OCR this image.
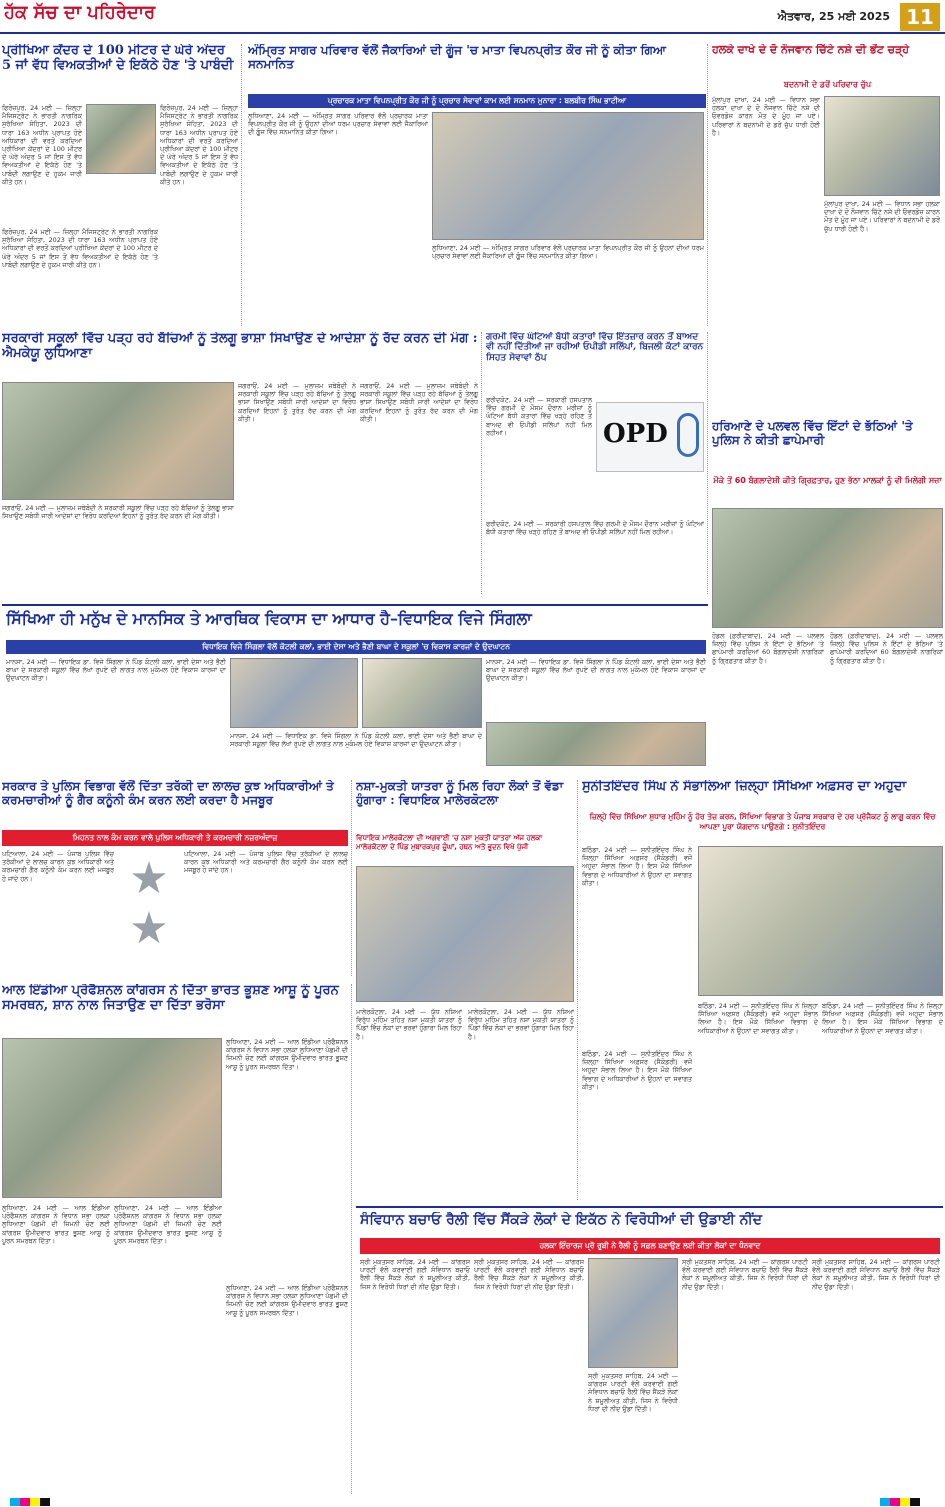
ਹੱਕ ਸੱਚ ਦਾ ਪਹਿਰੇਦਾਰ	ਐਤਵਾਰ, 25 ਮਈ 2025 11
ਪ੍ਰੀਖਿਆ ਕੇਂਦਰ ਦੇ 100 ਮੀਟਰ ਦੇ ਘੇਰੇ ਅੰਦਰ 5 ਜਾਂ ਵੱਧ ਵਿਅਕਤੀਆਂ ਦੇ ਇਕੱਠੇ ਹੋਣ 'ਤੇ ਪਾਬੰਦੀ
ਫਿਰੋਜ਼ਪੁਰ, 24 ਮਈ — ਜ਼ਿਲ੍ਹਾ ਮੈਜਿਸਟ੍ਰੇਟ ਨੇ ਭਾਰਤੀ ਨਾਗਰਿਕ ਸੁਰੱਖਿਆ ਸੰਹਿਤਾ, 2023 ਦੀ ਧਾਰਾ 163 ਅਧੀਨ ਪ੍ਰਾਪਤ ਹੋਏ ਅਧਿਕਾਰਾਂ ਦੀ ਵਰਤੋਂ ਕਰਦਿਆਂ ਪ੍ਰੀਖਿਆ ਕੇਂਦਰਾਂ ਦੇ 100 ਮੀਟਰ ਦੇ ਘੇਰੇ ਅੰਦਰ 5 ਜਾਂ ਇਸ ਤੋਂ ਵੱਧ ਵਿਅਕਤੀਆਂ ਦੇ ਇਕੱਠੇ ਹੋਣ 'ਤੇ ਪਾਬੰਦੀ ਲਗਾਉਣ ਦੇ ਹੁਕਮ ਜਾਰੀ ਕੀਤੇ ਹਨ।
ਫਿਰੋਜ਼ਪੁਰ, 24 ਮਈ — ਜ਼ਿਲ੍ਹਾ ਮੈਜਿਸਟ੍ਰੇਟ ਨੇ ਭਾਰਤੀ ਨਾਗਰਿਕ ਸੁਰੱਖਿਆ ਸੰਹਿਤਾ, 2023 ਦੀ ਧਾਰਾ 163 ਅਧੀਨ ਪ੍ਰਾਪਤ ਹੋਏ ਅਧਿਕਾਰਾਂ ਦੀ ਵਰਤੋਂ ਕਰਦਿਆਂ ਪ੍ਰੀਖਿਆ ਕੇਂਦਰਾਂ ਦੇ 100 ਮੀਟਰ ਦੇ ਘੇਰੇ ਅੰਦਰ 5 ਜਾਂ ਇਸ ਤੋਂ ਵੱਧ ਵਿਅਕਤੀਆਂ ਦੇ ਇਕੱਠੇ ਹੋਣ 'ਤੇ ਪਾਬੰਦੀ ਲਗਾਉਣ ਦੇ ਹੁਕਮ ਜਾਰੀ ਕੀਤੇ ਹਨ।
ਫਿਰੋਜ਼ਪੁਰ, 24 ਮਈ — ਜ਼ਿਲ੍ਹਾ ਮੈਜਿਸਟ੍ਰੇਟ ਨੇ ਭਾਰਤੀ ਨਾਗਰਿਕ ਸੁਰੱਖਿਆ ਸੰਹਿਤਾ, 2023 ਦੀ ਧਾਰਾ 163 ਅਧੀਨ ਪ੍ਰਾਪਤ ਹੋਏ ਅਧਿਕਾਰਾਂ ਦੀ ਵਰਤੋਂ ਕਰਦਿਆਂ ਪ੍ਰੀਖਿਆ ਕੇਂਦਰਾਂ ਦੇ 100 ਮੀਟਰ ਦੇ ਘੇਰੇ ਅੰਦਰ 5 ਜਾਂ ਇਸ ਤੋਂ ਵੱਧ ਵਿਅਕਤੀਆਂ ਦੇ ਇਕੱਠੇ ਹੋਣ 'ਤੇ ਪਾਬੰਦੀ ਲਗਾਉਣ ਦੇ ਹੁਕਮ ਜਾਰੀ ਕੀਤੇ ਹਨ।
ਅੰਮ੍ਰਿਤ ਸਾਗਰ ਪਰਿਵਾਰ ਵੱਲੋਂ ਜੈਕਾਰਿਆਂ ਦੀ ਗੂੰਜ 'ਚ ਮਾਤਾ ਵਿਪਨਪ੍ਰੀਤ ਕੌਰ ਜੀ ਨੂੰ ਕੀਤਾ ਗਿਆ ਸਨਮਾਨਿਤ
ਪ੍ਰਚਾਰਕ ਮਾਤਾ ਵਿਪਨਪ੍ਰੀਤ ਕੌਰ ਜੀ ਨੂੰ ਪ੍ਰਚਾਰ ਸੇਵਾਵਾਂ ਕਾਮ ਲਈ ਸਨਮਾਨ ਮੁਨਾਰਾ : ਬਲਬੀਰ ਸਿੰਘ ਭਾਟੀਆ
ਲੁਧਿਆਣਾ, 24 ਮਈ — ਅੰਮ੍ਰਿਤ ਸਾਗਰ ਪਰਿਵਾਰ ਵੱਲੋਂ ਪ੍ਰਚਾਰਕ ਮਾਤਾ ਵਿਪਨਪ੍ਰੀਤ ਕੌਰ ਜੀ ਨੂੰ ਉਹਨਾਂ ਦੀਆਂ ਧਰਮ ਪ੍ਰਚਾਰ ਸੇਵਾਵਾਂ ਲਈ ਜੈਕਾਰਿਆਂ ਦੀ ਗੂੰਜ ਵਿੱਚ ਸਨਮਾਨਿਤ ਕੀਤਾ ਗਿਆ।
ਲੁਧਿਆਣਾ, 24 ਮਈ — ਅੰਮ੍ਰਿਤ ਸਾਗਰ ਪਰਿਵਾਰ ਵੱਲੋਂ ਪ੍ਰਚਾਰਕ ਮਾਤਾ ਵਿਪਨਪ੍ਰੀਤ ਕੌਰ ਜੀ ਨੂੰ ਉਹਨਾਂ ਦੀਆਂ ਧਰਮ ਪ੍ਰਚਾਰ ਸੇਵਾਵਾਂ ਲਈ ਜੈਕਾਰਿਆਂ ਦੀ ਗੂੰਜ ਵਿੱਚ ਸਨਮਾਨਿਤ ਕੀਤਾ ਗਿਆ।
ਹਲਕੇ ਦਾਖੇ ਦੇ ਦੋ ਨੌਜਵਾਨ ਚਿੱਟੇ ਨਸ਼ੇ ਦੀ ਭੇਂਟ ਚੜ੍ਹੇ
ਬਦਨਾਮੀ ਦੇ ਡਰੋਂ ਪਰਿਵਾਰ ਚੁੱਪ
ਮੁੱਲਾਂਪੁਰ ਦਾਖਾ, 24 ਮਈ — ਵਿਧਾਨ ਸਭਾ ਹਲਕਾ ਦਾਖਾ ਦੇ ਦੋ ਨੌਜਵਾਨ ਚਿੱਟੇ ਨਸ਼ੇ ਦੀ ਓਵਰਡੋਜ਼ ਕਾਰਨ ਮੌਤ ਦੇ ਮੂੰਹ ਜਾ ਪਏ। ਪਰਿਵਾਰਾਂ ਨੇ ਬਦਨਾਮੀ ਦੇ ਡਰੋਂ ਚੁੱਪ ਧਾਰੀ ਹੋਈ ਹੈ।
ਮੁੱਲਾਂਪੁਰ ਦਾਖਾ, 24 ਮਈ — ਵਿਧਾਨ ਸਭਾ ਹਲਕਾ ਦਾਖਾ ਦੇ ਦੋ ਨੌਜਵਾਨ ਚਿੱਟੇ ਨਸ਼ੇ ਦੀ ਓਵਰਡੋਜ਼ ਕਾਰਨ ਮੌਤ ਦੇ ਮੂੰਹ ਜਾ ਪਏ। ਪਰਿਵਾਰਾਂ ਨੇ ਬਦਨਾਮੀ ਦੇ ਡਰੋਂ ਚੁੱਪ ਧਾਰੀ ਹੋਈ ਹੈ।
ਸਰਕਾਰੀ ਸਕੂਲਾਂ ਵਿੱਚ ਪੜ੍ਹ ਰਹੇ ਬੱਚਿਆਂ ਨੂੰ ਤੇਲਗੂ ਭਾਸ਼ਾ ਸਿਖਾਉਣ ਦੇ ਆਦੇਸ਼ਾ ਨੂੰ ਰੱਦ ਕਰਨ ਦੀ ਮੰਗ : ਐਮਕੇਯੂ ਲੁਧਿਆਣਾ
ਜਗਰਾਓਂ, 24 ਮਈ — ਮੁਲਾਜ਼ਮ ਜਥੇਬੰਦੀ ਨੇ ਸਰਕਾਰੀ ਸਕੂਲਾਂ ਵਿੱਚ ਪੜ੍ਹ ਰਹੇ ਬੱਚਿਆਂ ਨੂੰ ਤੇਲਗੂ ਭਾਸ਼ਾ ਸਿਖਾਉਣ ਸਬੰਧੀ ਜਾਰੀ ਆਦੇਸ਼ਾਂ ਦਾ ਵਿਰੋਧ ਕਰਦਿਆਂ ਇਹਨਾਂ ਨੂੰ ਤੁਰੰਤ ਰੱਦ ਕਰਨ ਦੀ ਮੰਗ ਕੀਤੀ।
ਜਗਰਾਓਂ, 24 ਮਈ — ਮੁਲਾਜ਼ਮ ਜਥੇਬੰਦੀ ਨੇ ਸਰਕਾਰੀ ਸਕੂਲਾਂ ਵਿੱਚ ਪੜ੍ਹ ਰਹੇ ਬੱਚਿਆਂ ਨੂੰ ਤੇਲਗੂ ਭਾਸ਼ਾ ਸਿਖਾਉਣ ਸਬੰਧੀ ਜਾਰੀ ਆਦੇਸ਼ਾਂ ਦਾ ਵਿਰੋਧ ਕਰਦਿਆਂ ਇਹਨਾਂ ਨੂੰ ਤੁਰੰਤ ਰੱਦ ਕਰਨ ਦੀ ਮੰਗ ਕੀਤੀ।
ਜਗਰਾਓਂ, 24 ਮਈ — ਮੁਲਾਜ਼ਮ ਜਥੇਬੰਦੀ ਨੇ ਸਰਕਾਰੀ ਸਕੂਲਾਂ ਵਿੱਚ ਪੜ੍ਹ ਰਹੇ ਬੱਚਿਆਂ ਨੂੰ ਤੇਲਗੂ ਭਾਸ਼ਾ ਸਿਖਾਉਣ ਸਬੰਧੀ ਜਾਰੀ ਆਦੇਸ਼ਾਂ ਦਾ ਵਿਰੋਧ ਕਰਦਿਆਂ ਇਹਨਾਂ ਨੂੰ ਤੁਰੰਤ ਰੱਦ ਕਰਨ ਦੀ ਮੰਗ ਕੀਤੀ।
ਗਰਮੀ ਵਿੱਚ ਘੰਟਿਆਂ ਬੱਧੀ ਕਤਾਰਾਂ ਵਿੱਚ ਇੰਤਜ਼ਾਰ ਕਰਨ ਤੋਂ ਬਾਅਦ ਵੀ ਨਹੀਂ ਦਿੱਤੀਆਂ ਜਾ ਰਹੀਆਂ ਓਪੀਡੀ ਸਲਿੱਪਾਂ, ਬਿਜਲੀ ਕੱਟਾਂ ਕਾਰਨ ਸਿਹਤ ਸੇਵਾਵਾਂ ਠੱਪ
ਫਰੀਦਕੋਟ, 24 ਮਈ — ਸਰਕਾਰੀ ਹਸਪਤਾਲ ਵਿੱਚ ਗਰਮੀ ਦੇ ਮੌਸਮ ਦੌਰਾਨ ਮਰੀਜ਼ਾਂ ਨੂੰ ਘੰਟਿਆਂ ਬੱਧੀ ਕਤਾਰਾਂ ਵਿੱਚ ਖੜ੍ਹੇ ਰਹਿਣ ਤੋਂ ਬਾਅਦ ਵੀ ਓਪੀਡੀ ਸਲਿੱਪਾਂ ਨਹੀਂ ਮਿਲ ਰਹੀਆਂ।	OPD
ਫਰੀਦਕੋਟ, 24 ਮਈ — ਸਰਕਾਰੀ ਹਸਪਤਾਲ ਵਿੱਚ ਗਰਮੀ ਦੇ ਮੌਸਮ ਦੌਰਾਨ ਮਰੀਜ਼ਾਂ ਨੂੰ ਘੰਟਿਆਂ ਬੱਧੀ ਕਤਾਰਾਂ ਵਿੱਚ ਖੜ੍ਹੇ ਰਹਿਣ ਤੋਂ ਬਾਅਦ ਵੀ ਓਪੀਡੀ ਸਲਿੱਪਾਂ ਨਹੀਂ ਮਿਲ ਰਹੀਆਂ।
ਹਰਿਆਣੇ ਦੇ ਪਲਵਲ ਵਿੱਚ ਇੱਟਾਂ ਦੇ ਭੱਠਿਆਂ 'ਤੇ ਪੁਲਿਸ ਨੇ ਕੀਤੀ ਛਾਪੇਮਾਰੀ
ਮੌਕੇ ਤੋਂ 60 ਬੰਗਲਾਦੇਸ਼ੀ ਕੀਤੇ ਗ੍ਰਿਫ਼ਤਾਰ, ਹੁਣ ਭੱਠਾ ਮਾਲਕਾਂ ਨੂੰ ਵੀ ਮਿਲੇਗੀ ਸਜ਼ਾ
ਹੋਡਲ (ਫ਼ਰੀਦਾਬਾਦ), 24 ਮਈ — ਪਲਵਲ ਜ਼ਿਲ੍ਹੇ ਵਿੱਚ ਪੁਲਿਸ ਨੇ ਇੱਟਾਂ ਦੇ ਭੱਠਿਆਂ 'ਤੇ ਛਾਪੇਮਾਰੀ ਕਰਦਿਆਂ 60 ਬੰਗਲਾਦੇਸ਼ੀ ਨਾਗਰਿਕਾਂ ਨੂੰ ਗ੍ਰਿਫ਼ਤਾਰ ਕੀਤਾ ਹੈ।
ਹੋਡਲ (ਫ਼ਰੀਦਾਬਾਦ), 24 ਮਈ — ਪਲਵਲ ਜ਼ਿਲ੍ਹੇ ਵਿੱਚ ਪੁਲਿਸ ਨੇ ਇੱਟਾਂ ਦੇ ਭੱਠਿਆਂ 'ਤੇ ਛਾਪੇਮਾਰੀ ਕਰਦਿਆਂ 60 ਬੰਗਲਾਦੇਸ਼ੀ ਨਾਗਰਿਕਾਂ ਨੂੰ ਗ੍ਰਿਫ਼ਤਾਰ ਕੀਤਾ ਹੈ।
ਸਿੱਖਿਆ ਹੀ ਮਨੁੱਖ ਦੇ ਮਾਨਸਿਕ ਤੇ ਆਰਥਿਕ ਵਿਕਾਸ ਦਾ ਆਧਾਰ ਹੈ–ਵਿਧਾਇਕ ਵਿਜੇ ਸਿੰਗਲਾ
ਵਿਧਾਇਕ ਵਿਜੇ ਸਿੰਗਲਾ ਵੱਲੋਂ ਕੋਟਲੀ ਕਲਾਂ, ਭਾਈ ਦੇਸਾ ਅਤੇ ਭੈਣੀ ਬਾਘਾ ਦੇ ਸਕੂਲਾਂ 'ਚ ਵਿਕਾਸ ਕਾਰਜਾਂ ਦੇ ਉਦਘਾਟਨ
ਮਾਨਸਾ, 24 ਮਈ — ਵਿਧਾਇਕ ਡਾ. ਵਿਜੇ ਸਿੰਗਲਾ ਨੇ ਪਿੰਡ ਕੋਟਲੀ ਕਲਾਂ, ਭਾਈ ਦੇਸਾ ਅਤੇ ਭੈਣੀ ਬਾਘਾ ਦੇ ਸਰਕਾਰੀ ਸਕੂਲਾਂ ਵਿੱਚ ਲੱਖਾਂ ਰੁਪਏ ਦੀ ਲਾਗਤ ਨਾਲ ਮੁਕੰਮਲ ਹੋਏ ਵਿਕਾਸ ਕਾਰਜਾਂ ਦਾ ਉਦਘਾਟਨ ਕੀਤਾ।
ਮਾਨਸਾ, 24 ਮਈ — ਵਿਧਾਇਕ ਡਾ. ਵਿਜੇ ਸਿੰਗਲਾ ਨੇ ਪਿੰਡ ਕੋਟਲੀ ਕਲਾਂ, ਭਾਈ ਦੇਸਾ ਅਤੇ ਭੈਣੀ ਬਾਘਾ ਦੇ ਸਰਕਾਰੀ ਸਕੂਲਾਂ ਵਿੱਚ ਲੱਖਾਂ ਰੁਪਏ ਦੀ ਲਾਗਤ ਨਾਲ ਮੁਕੰਮਲ ਹੋਏ ਵਿਕਾਸ ਕਾਰਜਾਂ ਦਾ ਉਦਘਾਟਨ ਕੀਤਾ।
ਮਾਨਸਾ, 24 ਮਈ — ਵਿਧਾਇਕ ਡਾ. ਵਿਜੇ ਸਿੰਗਲਾ ਨੇ ਪਿੰਡ ਕੋਟਲੀ ਕਲਾਂ, ਭਾਈ ਦੇਸਾ ਅਤੇ ਭੈਣੀ ਬਾਘਾ ਦੇ ਸਰਕਾਰੀ ਸਕੂਲਾਂ ਵਿੱਚ ਲੱਖਾਂ ਰੁਪਏ ਦੀ ਲਾਗਤ ਨਾਲ ਮੁਕੰਮਲ ਹੋਏ ਵਿਕਾਸ ਕਾਰਜਾਂ ਦਾ ਉਦਘਾਟਨ ਕੀਤਾ।
ਸਰਕਾਰ ਤੇ ਪੁਲਿਸ ਵਿਭਾਗ ਵੱਲੋਂ ਦਿੱਤਾ ਤਰੱਕੀ ਦਾ ਲਾਲਚ ਕੁਝ ਅਧਿਕਾਰੀਆਂ ਤੇ ਕਰਮਚਾਰੀਆਂ ਨੂੰ ਗੈਰ ਕਨੂੰਨੀ ਕੰਮ ਕਰਨ ਲਈ ਕਰਦਾ ਹੈ ਮਜਬੂਰ
ਮਿਹਨਤ ਨਾਲ ਕੰਮ ਕਰਨ ਵਾਲੇ ਪੁਲਿਸ ਅਧਿਕਾਰੀ ਤੇ ਕਰਮਚਾਰੀ ਨਜ਼ਰਅੰਦਾਜ਼
ਪਟਿਆਲਾ, 24 ਮਈ — ਪੰਜਾਬ ਪੁਲਿਸ ਵਿੱਚ ਤਰੱਕੀਆਂ ਦੇ ਲਾਲਚ ਕਾਰਨ ਕੁਝ ਅਧਿਕਾਰੀ ਅਤੇ ਕਰਮਚਾਰੀ ਗੈਰ ਕਨੂੰਨੀ ਕੰਮ ਕਰਨ ਲਈ ਮਜਬੂਰ ਹੋ ਜਾਂਦੇ ਹਨ।	★
★
ਪਟਿਆਲਾ, 24 ਮਈ — ਪੰਜਾਬ ਪੁਲਿਸ ਵਿੱਚ ਤਰੱਕੀਆਂ ਦੇ ਲਾਲਚ ਕਾਰਨ ਕੁਝ ਅਧਿਕਾਰੀ ਅਤੇ ਕਰਮਚਾਰੀ ਗੈਰ ਕਨੂੰਨੀ ਕੰਮ ਕਰਨ ਲਈ ਮਜਬੂਰ ਹੋ ਜਾਂਦੇ ਹਨ।
ਨਸ਼ਾ-ਮੁਕਤੀ ਯਾਤਰਾ ਨੂੰ ਮਿਲ ਰਿਹਾ ਲੋਕਾਂ ਤੋਂ ਵੱਡਾ ਹੁੰਗਾਰਾ : ਵਿਧਾਇਕ ਮਾਲੇਰਕੋਟਲਾ
ਵਿਧਾਇਕ ਮਾਲੇਰਕੋਟਲਾ ਦੀ ਅਗਵਾਈ 'ਚ ਨਸ਼ਾ ਮੁਕਤੀ ਯਾਤਰਾ ਅੱਜ ਹਲਕਾ ਮਾਲੇਰਕੋਟਲਾ ਦੇ ਪਿੰਡ ਮੁਬਾਰਕਪੁਰ ਚੂੰਘਾਂ, ਹਥਨ ਅਤੇ ਭੂਦਨ ਵਿਖੇ ਪੁੱਜੀ
ਮਾਲੇਰਕੋਟਲਾ, 24 ਮਈ — ਯੁੱਧ ਨਸ਼ਿਆਂ ਵਿਰੁੱਧ ਮੁਹਿੰਮ ਤਹਿਤ ਨਸ਼ਾ ਮੁਕਤੀ ਯਾਤਰਾ ਨੂੰ ਪਿੰਡਾਂ ਵਿੱਚ ਲੋਕਾਂ ਦਾ ਭਰਵਾਂ ਹੁੰਗਾਰਾ ਮਿਲ ਰਿਹਾ ਹੈ।
ਮਾਲੇਰਕੋਟਲਾ, 24 ਮਈ — ਯੁੱਧ ਨਸ਼ਿਆਂ ਵਿਰੁੱਧ ਮੁਹਿੰਮ ਤਹਿਤ ਨਸ਼ਾ ਮੁਕਤੀ ਯਾਤਰਾ ਨੂੰ ਪਿੰਡਾਂ ਵਿੱਚ ਲੋਕਾਂ ਦਾ ਭਰਵਾਂ ਹੁੰਗਾਰਾ ਮਿਲ ਰਿਹਾ ਹੈ।
ਸੁਨੀਤਇੰਦਰ ਸਿੰਘ ਨੇ ਸੰਭਾਲਿਆ ਜ਼ਿਲ੍ਹਾ ਸਿੱਖਿਆ ਅਫ਼ਸਰ ਦਾ ਅਹੁਦਾ
ਜ਼ਿਲ੍ਹੇ ਵਿੱਚ ਸਿੱਖਿਆ ਸੁਧਾਰ ਮੁਹਿੰਮ ਨੂੰ ਹੋਰ ਤੇਜ਼ ਕਰਨ, ਸਿੱਖਿਆ ਵਿਭਾਗ ਤੇ ਪੰਜਾਬ ਸਰਕਾਰ ਦੇ ਹਰ ਪ੍ਰੋਜੈਕਟ ਨੂੰ ਲਾਗੂ ਕਰਨ ਵਿੱਚ ਆਪਣਾ ਪੂਰਾ ਯੋਗਦਾਨ ਪਾਉਣਗੇ : ਸੁਨੀਤਇੰਦਰ
ਬਠਿੰਡਾ, 24 ਮਈ — ਸੁਨੀਤਇੰਦਰ ਸਿੰਘ ਨੇ ਜ਼ਿਲ੍ਹਾ ਸਿੱਖਿਆ ਅਫ਼ਸਰ (ਸੈਕੰਡਰੀ) ਵਜੋਂ ਅਹੁਦਾ ਸੰਭਾਲ ਲਿਆ ਹੈ। ਇਸ ਮੌਕੇ ਸਿੱਖਿਆ ਵਿਭਾਗ ਦੇ ਅਧਿਕਾਰੀਆਂ ਨੇ ਉਹਨਾਂ ਦਾ ਸਵਾਗਤ ਕੀਤਾ।
ਬਠਿੰਡਾ, 24 ਮਈ — ਸੁਨੀਤਇੰਦਰ ਸਿੰਘ ਨੇ ਜ਼ਿਲ੍ਹਾ ਸਿੱਖਿਆ ਅਫ਼ਸਰ (ਸੈਕੰਡਰੀ) ਵਜੋਂ ਅਹੁਦਾ ਸੰਭਾਲ ਲਿਆ ਹੈ। ਇਸ ਮੌਕੇ ਸਿੱਖਿਆ ਵਿਭਾਗ ਦੇ ਅਧਿਕਾਰੀਆਂ ਨੇ ਉਹਨਾਂ ਦਾ ਸਵਾਗਤ ਕੀਤਾ।
ਬਠਿੰਡਾ, 24 ਮਈ — ਸੁਨੀਤਇੰਦਰ ਸਿੰਘ ਨੇ ਜ਼ਿਲ੍ਹਾ ਸਿੱਖਿਆ ਅਫ਼ਸਰ (ਸੈਕੰਡਰੀ) ਵਜੋਂ ਅਹੁਦਾ ਸੰਭਾਲ ਲਿਆ ਹੈ। ਇਸ ਮੌਕੇ ਸਿੱਖਿਆ ਵਿਭਾਗ ਦੇ ਅਧਿਕਾਰੀਆਂ ਨੇ ਉਹਨਾਂ ਦਾ ਸਵਾਗਤ ਕੀਤਾ।
ਬਠਿੰਡਾ, 24 ਮਈ — ਸੁਨੀਤਇੰਦਰ ਸਿੰਘ ਨੇ ਜ਼ਿਲ੍ਹਾ ਸਿੱਖਿਆ ਅਫ਼ਸਰ (ਸੈਕੰਡਰੀ) ਵਜੋਂ ਅਹੁਦਾ ਸੰਭਾਲ ਲਿਆ ਹੈ। ਇਸ ਮੌਕੇ ਸਿੱਖਿਆ ਵਿਭਾਗ ਦੇ ਅਧਿਕਾਰੀਆਂ ਨੇ ਉਹਨਾਂ ਦਾ ਸਵਾਗਤ ਕੀਤਾ।
ਆਲ ਇੰਡੀਆ ਪ੍ਰੋਫੈਸ਼ਨਲ ਕਾਂਗਰਸ ਨੇ ਦਿੱਤਾ ਭਾਰਤ ਭੂਸ਼ਣ ਆਸ਼ੂ ਨੂੰ ਪੂਰਨ ਸਮਰਥਨ, ਸ਼ਾਨ ਨਾਲ ਜਿਤਾਉਣ ਦਾ ਦਿੱਤਾ ਭਰੋਸਾ
ਲੁਧਿਆਣਾ, 24 ਮਈ — ਆਲ ਇੰਡੀਆ ਪ੍ਰੋਫੈਸ਼ਨਲ ਕਾਂਗਰਸ ਨੇ ਵਿਧਾਨ ਸਭਾ ਹਲਕਾ ਲੁਧਿਆਣਾ ਪੱਛਮੀ ਦੀ ਜ਼ਿਮਨੀ ਚੋਣ ਲਈ ਕਾਂਗਰਸ ਉਮੀਦਵਾਰ ਭਾਰਤ ਭੂਸ਼ਣ ਆਸ਼ੂ ਨੂੰ ਪੂਰਨ ਸਮਰਥਨ ਦਿੱਤਾ।
ਲੁਧਿਆਣਾ, 24 ਮਈ — ਆਲ ਇੰਡੀਆ ਪ੍ਰੋਫੈਸ਼ਨਲ ਕਾਂਗਰਸ ਨੇ ਵਿਧਾਨ ਸਭਾ ਹਲਕਾ ਲੁਧਿਆਣਾ ਪੱਛਮੀ ਦੀ ਜ਼ਿਮਨੀ ਚੋਣ ਲਈ ਕਾਂਗਰਸ ਉਮੀਦਵਾਰ ਭਾਰਤ ਭੂਸ਼ਣ ਆਸ਼ੂ ਨੂੰ ਪੂਰਨ ਸਮਰਥਨ ਦਿੱਤਾ।
ਲੁਧਿਆਣਾ, 24 ਮਈ — ਆਲ ਇੰਡੀਆ ਪ੍ਰੋਫੈਸ਼ਨਲ ਕਾਂਗਰਸ ਨੇ ਵਿਧਾਨ ਸਭਾ ਹਲਕਾ ਲੁਧਿਆਣਾ ਪੱਛਮੀ ਦੀ ਜ਼ਿਮਨੀ ਚੋਣ ਲਈ ਕਾਂਗਰਸ ਉਮੀਦਵਾਰ ਭਾਰਤ ਭੂਸ਼ਣ ਆਸ਼ੂ ਨੂੰ ਪੂਰਨ ਸਮਰਥਨ ਦਿੱਤਾ।
ਲੁਧਿਆਣਾ, 24 ਮਈ — ਆਲ ਇੰਡੀਆ ਪ੍ਰੋਫੈਸ਼ਨਲ ਕਾਂਗਰਸ ਨੇ ਵਿਧਾਨ ਸਭਾ ਹਲਕਾ ਲੁਧਿਆਣਾ ਪੱਛਮੀ ਦੀ ਜ਼ਿਮਨੀ ਚੋਣ ਲਈ ਕਾਂਗਰਸ ਉਮੀਦਵਾਰ ਭਾਰਤ ਭੂਸ਼ਣ ਆਸ਼ੂ ਨੂੰ ਪੂਰਨ ਸਮਰਥਨ ਦਿੱਤਾ।
ਸੰਵਿਧਾਨ ਬਚਾਓ ਰੈਲੀ ਵਿੱਚ ਸੈਂਕੜੇ ਲੋਕਾਂ ਦੇ ਇਕੱਠ ਨੇ ਵਿਰੋਧੀਆਂ ਦੀ ਉਡਾਈ ਨੀਂਦ
ਹਲਕਾ ਇੰਚਾਰਜ ਪ੍ਰੋ ਰੂਬੀ ਨੇ ਰੈਲੀ ਨੂੰ ਸਫ਼ਲ ਬਣਾਉਣ ਲਈ ਕੀਤਾ ਲੋਕਾਂ ਦਾ ਧੰਨਵਾਦ
ਸ੍ਰੀ ਮੁਕਤਸਰ ਸਾਹਿਬ, 24 ਮਈ — ਕਾਂਗਰਸ ਪਾਰਟੀ ਵੱਲੋਂ ਕਰਵਾਈ ਗਈ ਸੰਵਿਧਾਨ ਬਚਾਓ ਰੈਲੀ ਵਿੱਚ ਸੈਂਕੜੇ ਲੋਕਾਂ ਨੇ ਸ਼ਮੂਲੀਅਤ ਕੀਤੀ, ਜਿਸ ਨੇ ਵਿਰੋਧੀ ਧਿਰਾਂ ਦੀ ਨੀਂਦ ਉਡਾ ਦਿੱਤੀ।
ਸ੍ਰੀ ਮੁਕਤਸਰ ਸਾਹਿਬ, 24 ਮਈ — ਕਾਂਗਰਸ ਪਾਰਟੀ ਵੱਲੋਂ ਕਰਵਾਈ ਗਈ ਸੰਵਿਧਾਨ ਬਚਾਓ ਰੈਲੀ ਵਿੱਚ ਸੈਂਕੜੇ ਲੋਕਾਂ ਨੇ ਸ਼ਮੂਲੀਅਤ ਕੀਤੀ, ਜਿਸ ਨੇ ਵਿਰੋਧੀ ਧਿਰਾਂ ਦੀ ਨੀਂਦ ਉਡਾ ਦਿੱਤੀ।
ਸ੍ਰੀ ਮੁਕਤਸਰ ਸਾਹਿਬ, 24 ਮਈ — ਕਾਂਗਰਸ ਪਾਰਟੀ ਵੱਲੋਂ ਕਰਵਾਈ ਗਈ ਸੰਵਿਧਾਨ ਬਚਾਓ ਰੈਲੀ ਵਿੱਚ ਸੈਂਕੜੇ ਲੋਕਾਂ ਨੇ ਸ਼ਮੂਲੀਅਤ ਕੀਤੀ, ਜਿਸ ਨੇ ਵਿਰੋਧੀ ਧਿਰਾਂ ਦੀ ਨੀਂਦ ਉਡਾ ਦਿੱਤੀ।
ਸ੍ਰੀ ਮੁਕਤਸਰ ਸਾਹਿਬ, 24 ਮਈ — ਕਾਂਗਰਸ ਪਾਰਟੀ ਵੱਲੋਂ ਕਰਵਾਈ ਗਈ ਸੰਵਿਧਾਨ ਬਚਾਓ ਰੈਲੀ ਵਿੱਚ ਸੈਂਕੜੇ ਲੋਕਾਂ ਨੇ ਸ਼ਮੂਲੀਅਤ ਕੀਤੀ, ਜਿਸ ਨੇ ਵਿਰੋਧੀ ਧਿਰਾਂ ਦੀ ਨੀਂਦ ਉਡਾ ਦਿੱਤੀ।
ਸ੍ਰੀ ਮੁਕਤਸਰ ਸਾਹਿਬ, 24 ਮਈ — ਕਾਂਗਰਸ ਪਾਰਟੀ ਵੱਲੋਂ ਕਰਵਾਈ ਗਈ ਸੰਵਿਧਾਨ ਬਚਾਓ ਰੈਲੀ ਵਿੱਚ ਸੈਂਕੜੇ ਲੋਕਾਂ ਨੇ ਸ਼ਮੂਲੀਅਤ ਕੀਤੀ, ਜਿਸ ਨੇ ਵਿਰੋਧੀ ਧਿਰਾਂ ਦੀ ਨੀਂਦ ਉਡਾ ਦਿੱਤੀ।
